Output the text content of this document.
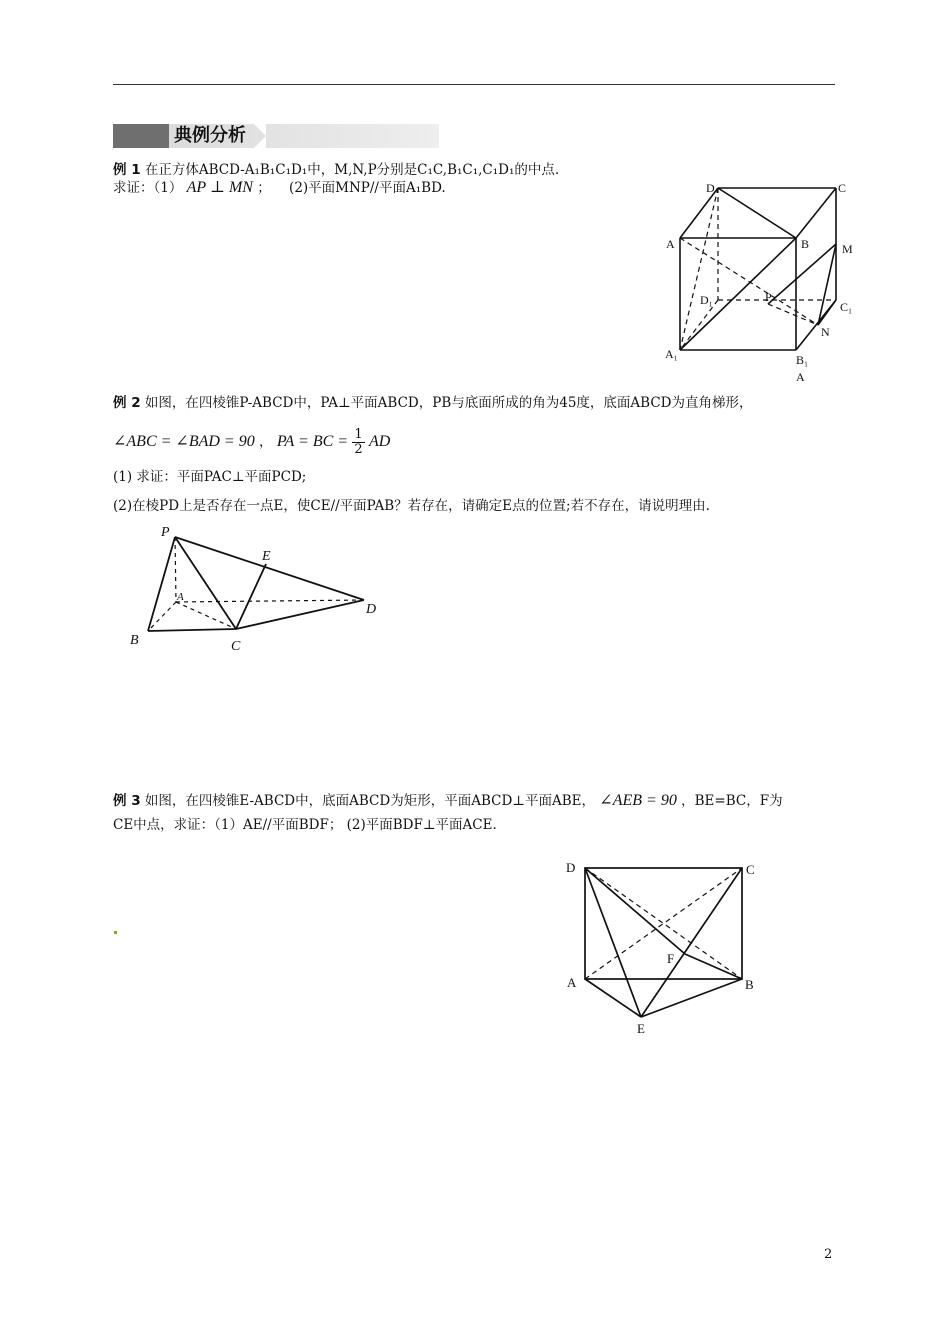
典例分析
例 1 在正方体ABCD-A₁B₁C₁D₁中，M,N,P分别是C₁C,B₁C₁,C₁D₁的中点.
求证：（1） AP ⊥ MN ； (2)平面MNP//平面A₁BD.	D	C
A	B	M
D₁	P
C₁
N
A₁	B₁
A
例 2 如图，在四棱锥P-ABCD中，PA⊥平面ABCD，PB与底面所成的角为45度，底面ABCD为直角梯形，
∠ABC = ∠BAD = 90 ， PA = BC = $\frac{1}{2}$ AD
(1) 求证：平面PAC⊥平面PCD;
(2)在棱PD上是否存在一点E，使CE//平面PAB？若存在，请确定E点的位置;若不存在，请说明理由.
P
E
A
D
B	C
例 3 如图，在四棱锥E-ABCD中，底面ABCD为矩形，平面ABCD⊥平面ABE， ∠AEB = 90 ，BE=BC，F为
CE中点，求证：（1）AE//平面BDF； (2)平面BDF⊥平面ACE.
D	C
F
A	B
E
2
